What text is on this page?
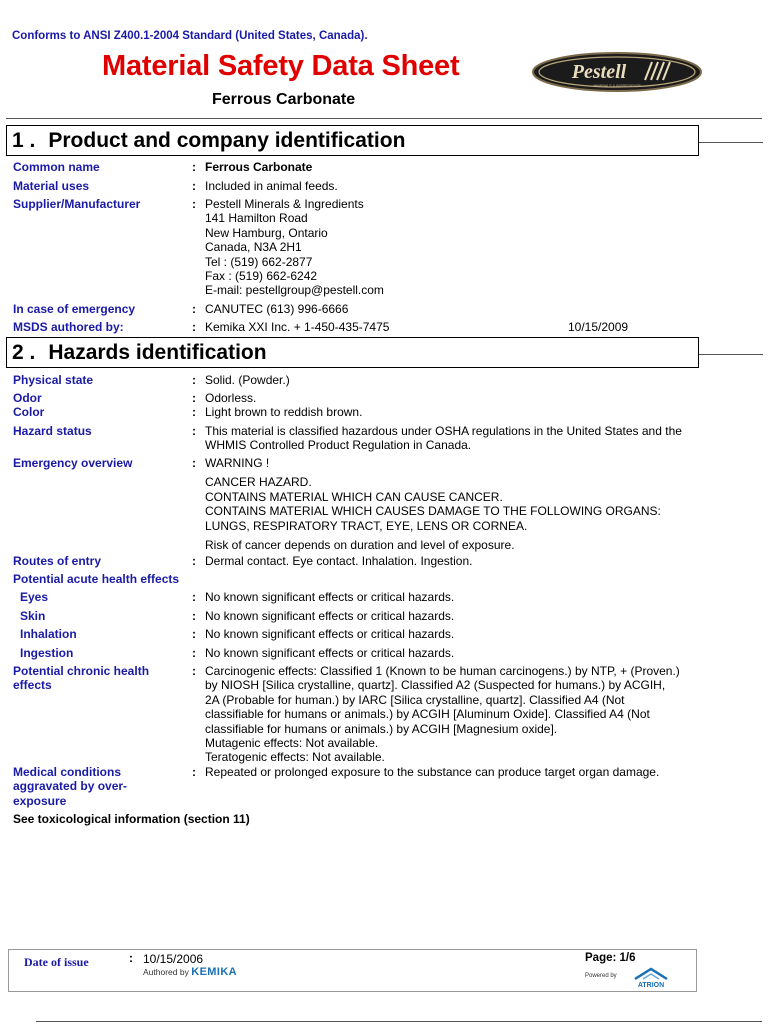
Conforms to ANSI Z400.1-2004 Standard (United States, Canada).
Material Safety Data Sheet
Ferrous Carbonate
Pestell
MINERALS & INGREDIENTS
1 . Product and company identification
Common name	: Ferrous Carbonate
Material uses	: Included in animal feeds.
Supplier/Manufacturer	: Pestell Minerals & Ingredients
141 Hamilton Road
New Hamburg, Ontario
Canada, N3A 2H1
Tel : (519) 662-2877
Fax : (519) 662-6242
E-mail: pestellgroup@pestell.com
In case of emergency	: CANUTEC (613) 996-6666
MSDS authored by:	: Kemika XXI Inc. + 1-450-435-7475	10/15/2009
2 . Hazards identification
Physical state	: Solid. (Powder.)
Odor	: Odorless.
Color	: Light brown to reddish brown.
Hazard status	: This material is classified hazardous under OSHA regulations in the United States and the
WHMIS Controlled Product Regulation in Canada.
Emergency overview	: WARNING !
CANCER HAZARD.
CONTAINS MATERIAL WHICH CAN CAUSE CANCER.
CONTAINS MATERIAL WHICH CAUSES DAMAGE TO THE FOLLOWING ORGANS:
LUNGS, RESPIRATORY TRACT, EYE, LENS OR CORNEA.
Risk of cancer depends on duration and level of exposure.
Routes of entry	: Dermal contact. Eye contact. Inhalation. Ingestion.
Potential acute health effects
Eyes	: No known significant effects or critical hazards.
Skin	: No known significant effects or critical hazards.
Inhalation	: No known significant effects or critical hazards.
Ingestion	: No known significant effects or critical hazards.
Potential chronic health
effects
: Carcinogenic effects: Classified 1 (Known to be human carcinogens.) by NTP, + (Proven.)
by NIOSH [Silica crystalline, quartz]. Classified A2 (Suspected for humans.) by ACGIH,
2A (Probable for human.) by IARC [Silica crystalline, quartz]. Classified A4 (Not
classifiable for humans or animals.) by ACGIH [Aluminum Oxide]. Classified A4 (Not
classifiable for humans or animals.) by ACGIH [Magnesium oxide].
Mutagenic effects: Not available.
Teratogenic effects: Not available.
Medical conditions
aggravated by over-
exposure
: Repeated or prolonged exposure to the substance can produce target organ damage.
See toxicological information (section 11)
Date of issue	: 10/15/2006
Authored by KEMIKA
Page: 1/6
Powered by
ATRION
